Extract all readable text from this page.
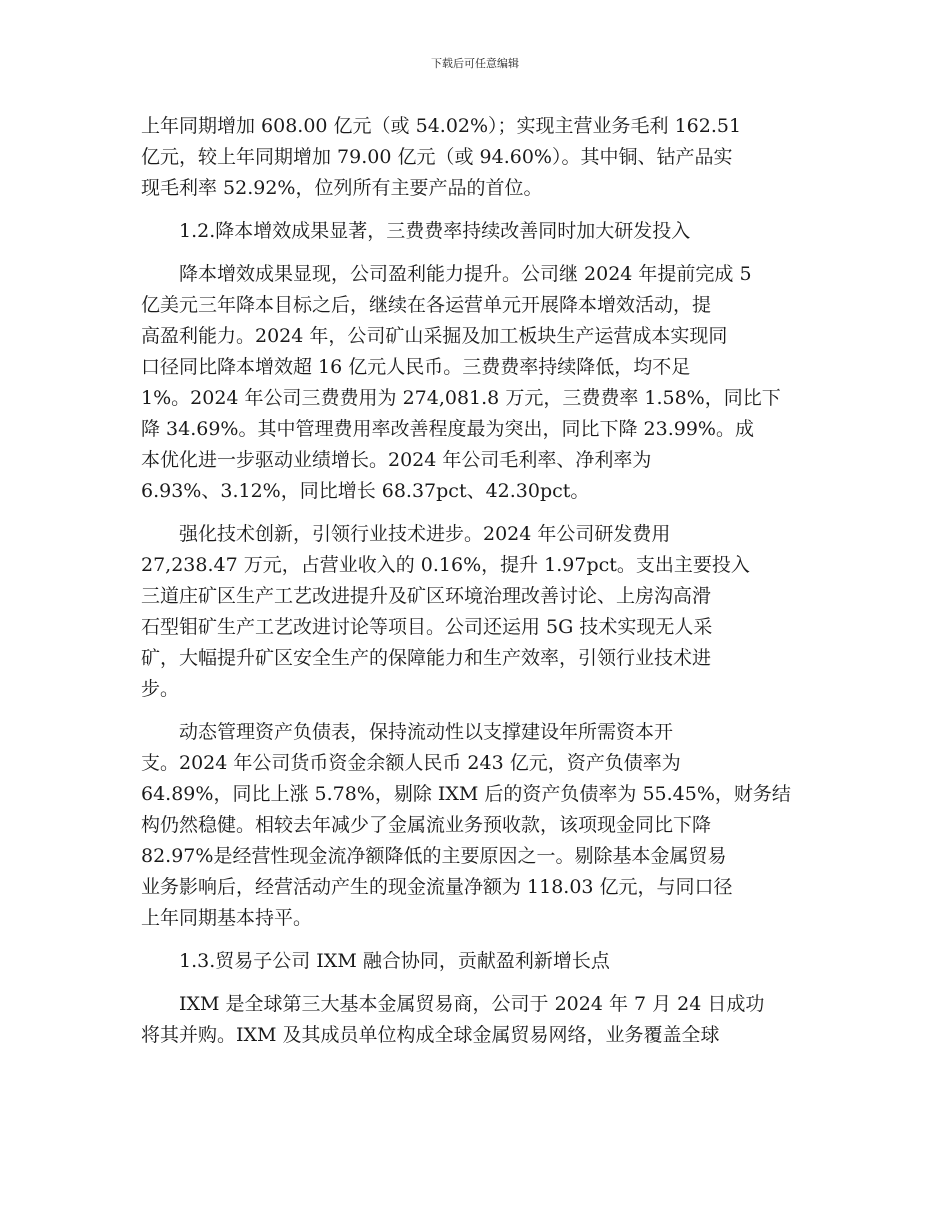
下载后可任意编辑
上年同期增加 608.00 亿元（或 54.02%）；实现主营业务毛利 162.51
亿元，较上年同期增加 79.00 亿元（或 94.60%）。其中铜、钴产品实
现毛利率 52.92%，位列所有主要产品的首位。
1.2.降本增效成果显著，三费费率持续改善同时加大研发投入
降本增效成果显现，公司盈利能力提升。公司继 2024 年提前完成 5
亿美元三年降本目标之后，继续在各运营单元开展降本增效活动，提
高盈利能力。2024 年，公司矿山采掘及加工板块生产运营成本实现同
口径同比降本增效超 16 亿元人民币。三费费率持续降低，均不足
1%。2024 年公司三费费用为 274,081.8 万元，三费费率 1.58%，同比下
降 34.69%。其中管理费用率改善程度最为突出，同比下降 23.99%。成
本优化进一步驱动业绩增长。2024 年公司毛利率、净利率为
6.93%、3.12%，同比增长 68.37pct、42.30pct。
强化技术创新，引领行业技术进步。2024 年公司研发费用
27,238.47 万元，占营业收入的 0.16%，提升 1.97pct。支出主要投入
三道庄矿区生产工艺改进提升及矿区环境治理改善讨论、上房沟高滑
石型钼矿生产工艺改进讨论等项目。公司还运用 5G 技术实现无人采
矿，大幅提升矿区安全生产的保障能力和生产效率，引领行业技术进
步。
动态管理资产负债表，保持流动性以支撑建设年所需资本开
支。2024 年公司货币资金余额人民币 243 亿元，资产负债率为
64.89%，同比上涨 5.78%，剔除 IXM 后的资产负债率为 55.45%，财务结
构仍然稳健。相较去年减少了金属流业务预收款，该项现金同比下降
82.97%是经营性现金流净额降低的主要原因之一。剔除基本金属贸易
业务影响后，经营活动产生的现金流量净额为 118.03 亿元，与同口径
上年同期基本持平。
1.3.贸易子公司 IXM 融合协同，贡献盈利新增长点
IXM 是全球第三大基本金属贸易商，公司于 2024 年 7 月 24 日成功
将其并购。IXM 及其成员单位构成全球金属贸易网络，业务覆盖全球
